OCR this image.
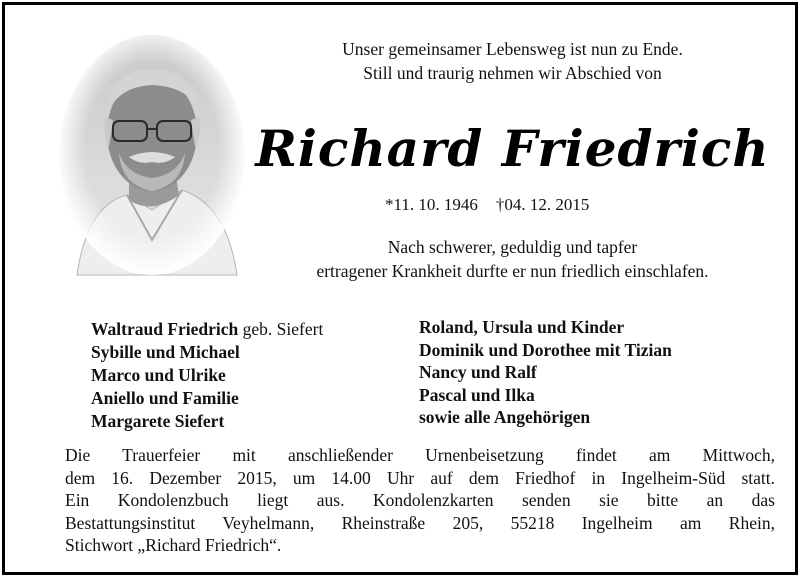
Unser gemeinsamer Lebensweg ist nun zu Ende.
Still und traurig nehmen wir Abschied von
Richard Friedrich
*11. 10. 1946 †04. 12. 2015
Nach schwerer, geduldig und tapfer
ertragener Krankheit durfte er nun friedlich einschlafen.
Waltraud Friedrich geb. Siefert
Sybille und Michael
Marco und Ulrike
Aniello und Familie
Margarete Siefert
Roland, Ursula und Kinder
Dominik und Dorothee mit Tizian
Nancy und Ralf
Pascal und Ilka
sowie alle Angehörigen
Die Trauerfeier mit anschließender Urnenbeisetzung findet am Mittwoch,
dem 16. Dezember 2015, um 14.00 Uhr auf dem Friedhof in Ingelheim-Süd statt.
Ein Kondolenzbuch liegt aus. Kondolenzkarten senden sie bitte an das
Bestattungsinstitut Veyhelmann, Rheinstraße 205, 55218 Ingelheim am Rhein,
Stichwort „Richard Friedrich“.
